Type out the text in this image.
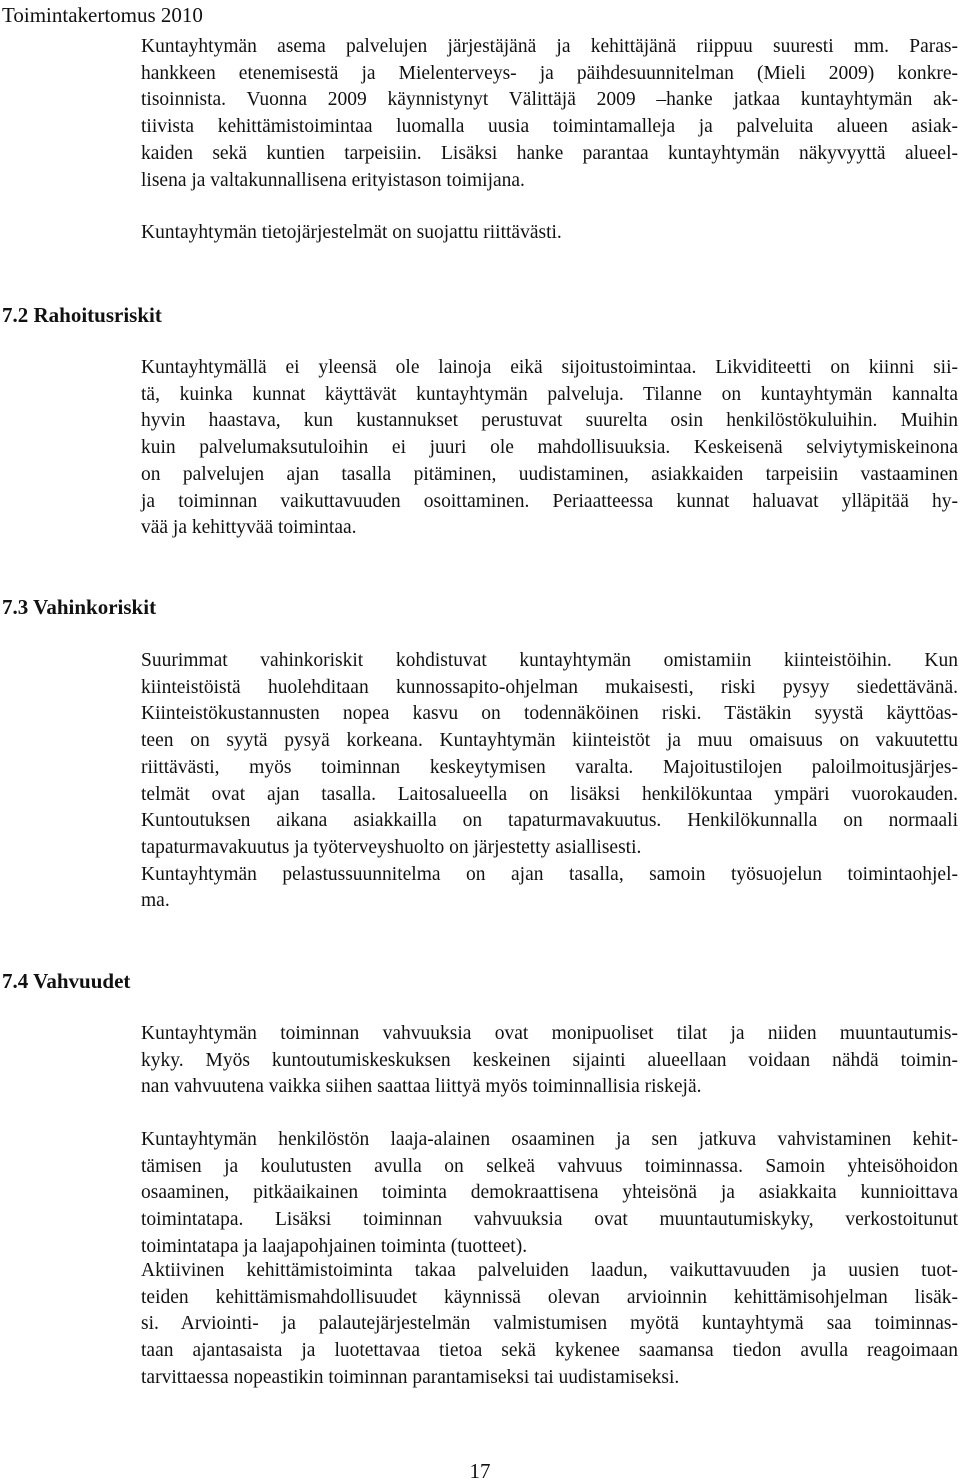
Toimintakertomus 2010
Kuntayhtymän asema palvelujen järjestäjänä ja kehittäjänä riippuu suuresti mm. Paras-
hankkeen etenemisestä ja Mielenterveys- ja päihdesuunnitelman (Mieli 2009) konkre-
tisoinnista. Vuonna 2009 käynnistynyt Välittäjä 2009 –hanke jatkaa kuntayhtymän ak-
tiivista kehittämistoimintaa luomalla uusia toimintamalleja ja palveluita alueen asiak-
kaiden sekä kuntien tarpeisiin. Lisäksi hanke parantaa kuntayhtymän näkyvyyttä alueel-
lisena ja valtakunnallisena erityistason toimijana.
Kuntayhtymän tietojärjestelmät on suojattu riittävästi.
7.2 Rahoitusriskit
Kuntayhtymällä ei yleensä ole lainoja eikä sijoitustoimintaa. Likviditeetti on kiinni sii-
tä, kuinka kunnat käyttävät kuntayhtymän palveluja. Tilanne on kuntayhtymän kannalta
hyvin haastava, kun kustannukset perustuvat suurelta osin henkilöstökuluihin. Muihin
kuin palvelumaksutuloihin ei juuri ole mahdollisuuksia. Keskeisenä selviytymiskeinona
on palvelujen ajan tasalla pitäminen, uudistaminen, asiakkaiden tarpeisiin vastaaminen
ja toiminnan vaikuttavuuden osoittaminen. Periaatteessa kunnat haluavat ylläpitää hy-
vää ja kehittyvää toimintaa.
7.3 Vahinkoriskit
Suurimmat vahinkoriskit kohdistuvat kuntayhtymän omistamiin kiinteistöihin. Kun
kiinteistöistä huolehditaan kunnossapito-ohjelman mukaisesti, riski pysyy siedettävänä.
Kiinteistökustannusten nopea kasvu on todennäköinen riski. Tästäkin syystä käyttöas-
teen on syytä pysyä korkeana. Kuntayhtymän kiinteistöt ja muu omaisuus on vakuutettu
riittävästi, myös toiminnan keskeytymisen varalta. Majoitustilojen paloilmoitusjärjes-
telmät ovat ajan tasalla. Laitosalueella on lisäksi henkilökuntaa ympäri vuorokauden.
Kuntoutuksen aikana asiakkailla on tapaturmavakuutus. Henkilökunnalla on normaali
tapaturmavakuutus ja työterveyshuolto on järjestetty asiallisesti.
Kuntayhtymän pelastussuunnitelma on ajan tasalla, samoin työsuojelun toimintaohjel-
ma.
7.4 Vahvuudet
Kuntayhtymän toiminnan vahvuuksia ovat monipuoliset tilat ja niiden muuntautumis-
kyky. Myös kuntoutumiskeskuksen keskeinen sijainti alueellaan voidaan nähdä toimin-
nan vahvuutena vaikka siihen saattaa liittyä myös toiminnallisia riskejä.
Kuntayhtymän henkilöstön laaja-alainen osaaminen ja sen jatkuva vahvistaminen kehit-
tämisen ja koulutusten avulla on selkeä vahvuus toiminnassa. Samoin yhteisöhoidon
osaaminen, pitkäaikainen toiminta demokraattisena yhteisönä ja asiakkaita kunnioittava
toimintatapa. Lisäksi toiminnan vahvuuksia ovat muuntautumiskyky, verkostoitunut
toimintatapa ja laajapohjainen toiminta (tuotteet).
Aktiivinen kehittämistoiminta takaa palveluiden laadun, vaikuttavuuden ja uusien tuot-
teiden kehittämismahdollisuudet käynnissä olevan arvioinnin kehittämisohjelman lisäk-
si. Arviointi- ja palautejärjestelmän valmistumisen myötä kuntayhtymä saa toiminnas-
taan ajantasaista ja luotettavaa tietoa sekä kykenee saamansa tiedon avulla reagoimaan
tarvittaessa nopeastikin toiminnan parantamiseksi tai uudistamiseksi.
17
